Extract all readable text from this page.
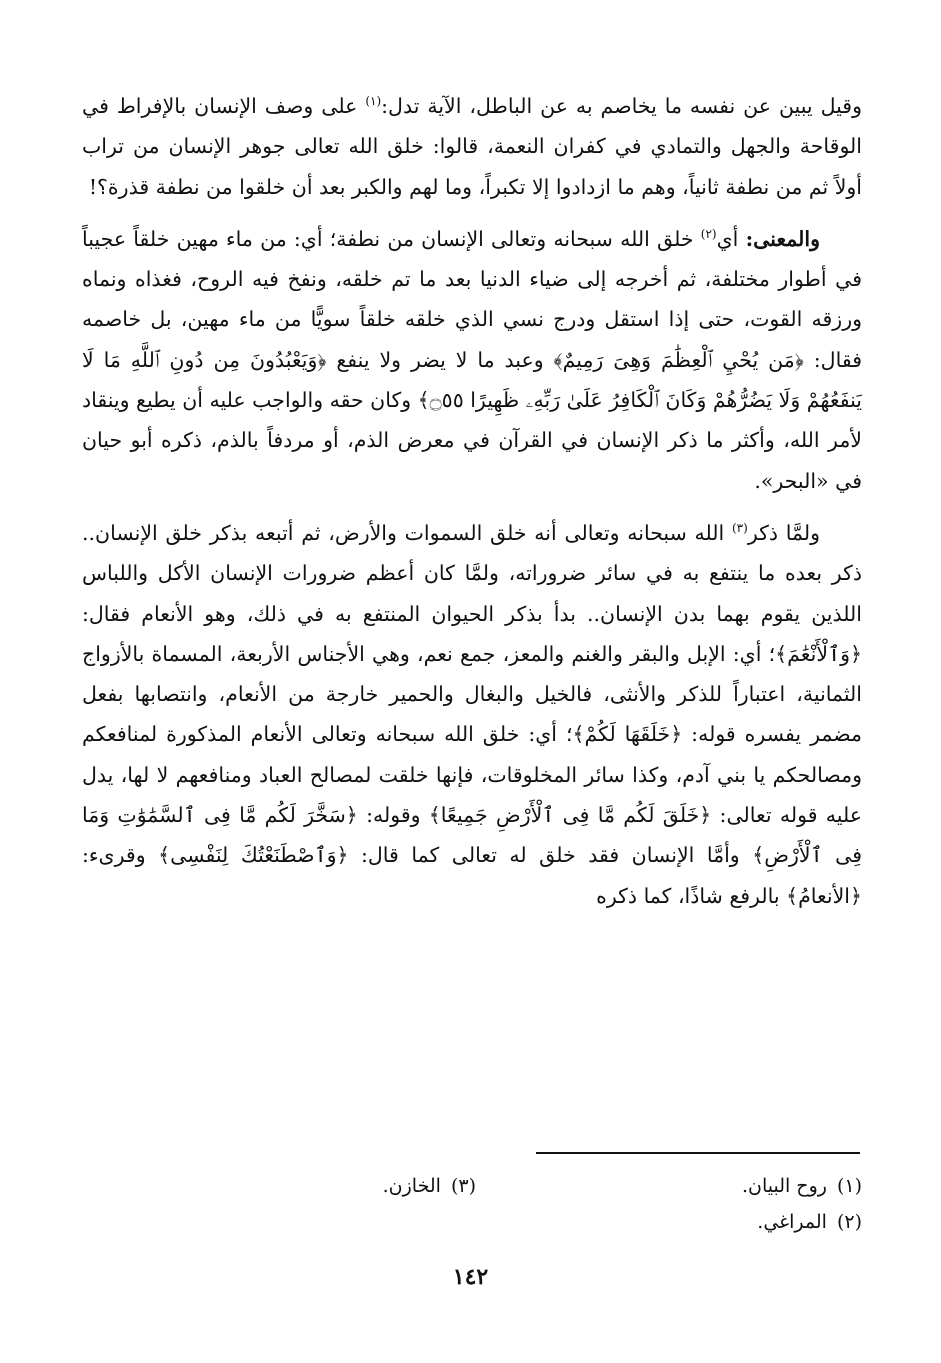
وقيل يبين عن نفسه ما يخاصم به عن الباطل، الآية تدل:$^{(١)}$ على وصف الإنسان بالإفراط في الوقاحة والجهل والتمادي في كفران النعمة، قالوا: خلق الله تعالى جوهر الإنسان من تراب أولاً ثم من نطفة ثانياً، وهم ما ازدادوا إلا تكبراً، وما لهم والكبر بعد أن خلقوا من نطفة قذرة؟!

والمعنى: أي$^{(٢)}$ خلق الله سبحانه وتعالى الإنسان من نطفة؛ أي: من ماء مهين خلقاً عجيباً في أطوار مختلفة، ثم أخرجه إلى ضياء الدنيا بعد ما تم خلقه، ونفخ فيه الروح، فغذاه ونماه ورزقه القوت، حتى إذا استقل ودرج نسي الذي خلقه خلقاً سويًّا من ماء مهين، بل خاصمه فقال: ﴿مَن يُحْيِ ٱلْعِظَٰمَ وَهِىَ رَمِيمٌ﴾ وعبد ما لا يضر ولا ينفع ﴿وَيَعْبُدُونَ مِن دُونِ ٱللَّهِ مَا لَا يَنفَعُهُمْ وَلَا يَضُرُّهُمْ وَكَانَ ٱلْكَافِرُ عَلَىٰ رَبِّهِۦ ظَهِيرًا ۝٥٥﴾ وكان حقه والواجب عليه أن يطيع وينقاد لأمر الله، وأكثر ما ذكر الإنسان في القرآن في معرض الذم، أو مردفاً بالذم، ذكره أبو حيان في «البحر».

ولمَّا ذكر$^{(٣)}$ الله سبحانه وتعالى أنه خلق السموات والأرض، ثم أتبعه بذكر خلق الإنسان.. ذكر بعده ما ينتفع به في سائر ضروراته، ولمَّا كان أعظم ضرورات الإنسان الأكل واللباس اللذين يقوم بهما بدن الإنسان.. بدأ بذكر الحيوان المنتفع به في ذلك، وهو الأنعام فقال: ﴿وَٱلْأَنْعَٰمَ﴾؛ أي: الإبل والبقر والغنم والمعز، جمع نعم، وهي الأجناس الأربعة، المسماة بالأزواج الثمانية، اعتباراً للذكر والأنثى، فالخيل والبغال والحمير خارجة من الأنعام، وانتصابها بفعل مضمر يفسره قوله: ﴿خَلَقَهَا لَكُمْ﴾؛ أي: خلق الله سبحانه وتعالى الأنعام المذكورة لمنافعكم ومصالحكم يا بني آدم، وكذا سائر المخلوقات، فإنها خلقت لمصالح العباد ومنافعهم لا لها، يدل عليه قوله تعالى: ﴿خَلَقَ لَكُم مَّا فِى ٱلْأَرْضِ جَمِيعًا﴾ وقوله: ﴿سَخَّرَ لَكُم مَّا فِى ٱلسَّمَٰوَٰتِ وَمَا فِى ٱلْأَرْضِ﴾ وأمَّا الإنسان فقد خلق له تعالى كما قال: ﴿وَٱصْطَنَعْتُكَ لِنَفْسِى﴾ وقرىء: ﴿الأنعامُ﴾ بالرفع شاذًا، كما ذكره

(١)روح البيان.
(٣)الخازن.
(٢)المراغي.
١٤٢
